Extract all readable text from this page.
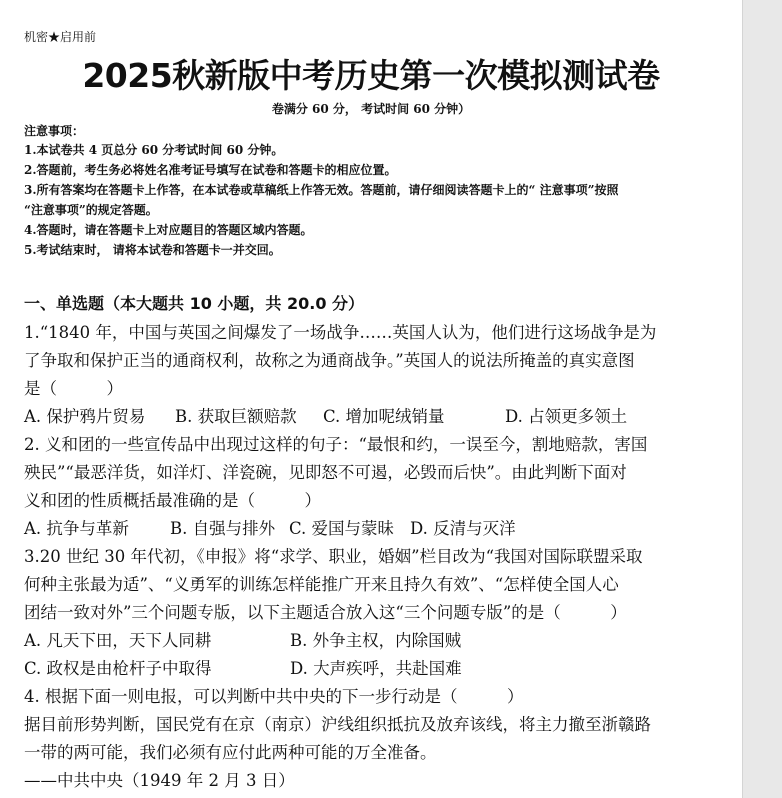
机密★启用前
2025秋新版中考历史第一次模拟测试卷
卷满分 60 分， 考试时间 60 分钟）
注意事项：
1.本试卷共 4 页总分 60 分考试时间 60 分钟。
2.答题前，考生务必将姓名准考证号填写在试卷和答题卡的相应位置。
3.所有答案均在答题卡上作答，在本试卷或草稿纸上作答无效。答题前，请仔细阅读答题卡上的“ 注意事项”按照
“注意事项”的规定答题。
4.答题时，请在答题卡上对应题目的答题区域内答题。
5.考试结束时， 请将本试卷和答题卡一并交回。
一、单选题（本大题共 10 小题，共 20.0 分）
1.“1840 年，中国与英国之间爆发了一场战争……英国人认为，他们进行这场战争是为
了争取和保护正当的通商权利，故称之为通商战争。”英国人的说法所掩盖的真实意图
是（　　　）
A. 保护鸦片贸易 B. 获取巨额赔款 C. 增加呢绒销量	D. 占领更多领土
2. 义和团的一些宣传品中出现过这样的句子：“最恨和约，一误至今，割地赔款，害国
殃民”“最恶洋货，如洋灯、洋瓷碗，见即怒不可遏，必毁而后快”。由此判断下面对
义和团的性质概括最准确的是（　　　）
A. 抗争与革新 B. 自强与排外 C. 爱国与蒙昧 D. 反清与灭洋
3.20 世纪 30 年代初，《申报》将“求学、职业，婚姻”栏目改为“我国对国际联盟采取
何种主张最为适”、“义勇军的训练怎样能推广开来且持久有效”、“怎样使全国人心
团结一致对外”三个问题专版，以下主题适合放入这“三个问题专版”的是（　　　）
A. 凡天下田，天下人同耕	B. 外争主权，内除国贼
C. 政权是由枪杆子中取得	D. 大声疾呼，共赴国难
4. 根据下面一则电报，可以判断中共中央的下一步行动是（　　　）
据目前形势判断，国民党有在京（南京）沪线组织抵抗及放弃该线，将主力撤至浙赣路
一带的两可能，我们必须有应付此两种可能的万全准备。
——中共中央（1949 年 2 月 3 日）
